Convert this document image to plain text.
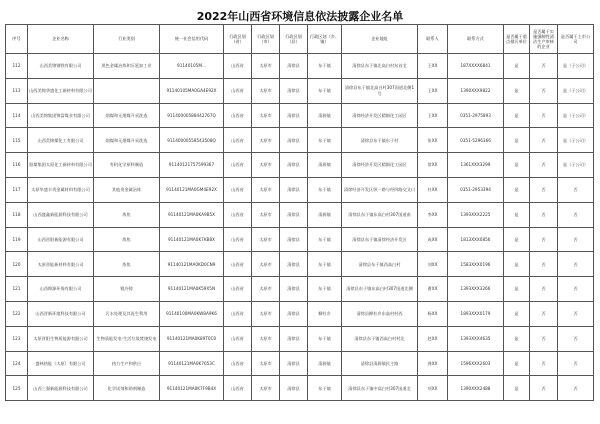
2022年山西省环境信息依法披露企业名单
序号	企业名称	行业类别	统一社会信用代码	行政区划（省）	行政区划（市）	行政区划（县）	行政区划（乡、镇）	企业地址	联系人	联系方式	是否属于重点排污单位	是否属于实施强制性清洁生产审核的企业	是否属于上市公司
112	山西美锦钢铁有限公司	黑色金属冶炼和压延加工业	91140105M...	山西省	太原市	清徐县	东于镇	清徐县东于镇北高白村东首北	王XX	187XXXX6841	是	否	是（子公司）
113	山西美锦华盛化工新材料有限公司		91140105MA0GA4E92X	山西省	太原市	清徐县	东于镇	清徐县东于镇北高白村307国道北侧1号	王XX	1390XXX9822	是	否	是（子公司）
114	山西美锦集团锦富煤业有限公司	烟煤和无烟煤开采洗选	91140000588442767Q	山西省	太原市	清徐县	清源镇	清徐经济开发区精细化工园区	王XX	0351-2975893	是	否	是（子公司）
115	山西美锦煤化工有限公司	烟煤和无烟煤开采洗选	91140000558543508Q	山西省	太原市	清徐县	东于镇	清徐县东于镇东于村	张XX	0351-5296366	是	否	是（子公司）
116	阳煤集团太原化工新材料有限公司	有机化学原料制造	91140121757599367	山西省	太原市	清徐县	清源镇	清徐经济开发区精细化工园区	常XX	1361XXX3299	是	否	是（子公司）
117	太原华盛丰贵金属材料有限公司	其他贵金属冶炼	91140121MA0GM4E92X	山西省	太原市	清徐县	东于镇	清徐经济开发区纵一路与经四路交叉口	杜XX	0351-2953394	是	否	否
118	山西盛鑫新能源科技有限公司	炼焦	91140121MA0KA9B5X	山西省	太原市	清徐县	清源镇	清徐县东于镇东高白村307国道南	李XX	1393XXX2225	是	否	否
119	山西晋阳新能源有限公司	炼焦	91140121MA0K7KB8X	山西省	太原市	清徐县	东于镇	清徐县东于镇清徐经济开发区	成XX	1813XXX0856	是	否	否
120	太原晋能新材料有限公司	炼焦	91140121MA0KD0CN9	山西省	太原市	清徐县	东于镇	清徐县东于镇西高白村	刘XX	1583XXX0196	是	否	否
121	山西锦源环保有限公司	锻冷铸	91140121MA0K59X5N	山西省	太原市	清徐县	东于镇	清徐县东于镇东高白村307国道北侧	曹XX	1393XXX3266	是	否	否
122	山西晋新环境科技有限公司	污水处理及其再生利用	91140100MA0KW8A9K6	山西省	太原市	清徐县	柳杜乡	清徐县柳杜乡东高村村西	杨XX	1893XXX0179	是	否	否
123	太原晋阳生物质能源有限公司	生物质能发电-生活垃圾焚烧发电	91140121MA0K89T0C0	山西省	太原市	清徐县	东于镇	清徐县东于镇西高白村村北	赵XX	1393XXX4635	是	否	否
124	盛林热能（太原）有限公司	热力生产和供应	91140121MA0K7653C	山西省	太原市	清徐县	清源镇	清徐县清源镇民主路	龚XX	1596XXX2603	是	否	否
125	山西三强新能源科技有限公司	化学试剂和助剂制造	91140121MA0K7F9B4X	山西省	太原市	清徐县	东于镇	清徐县东于镇中高白村307国道北	项XX	1390XXX2488	是	否	否
